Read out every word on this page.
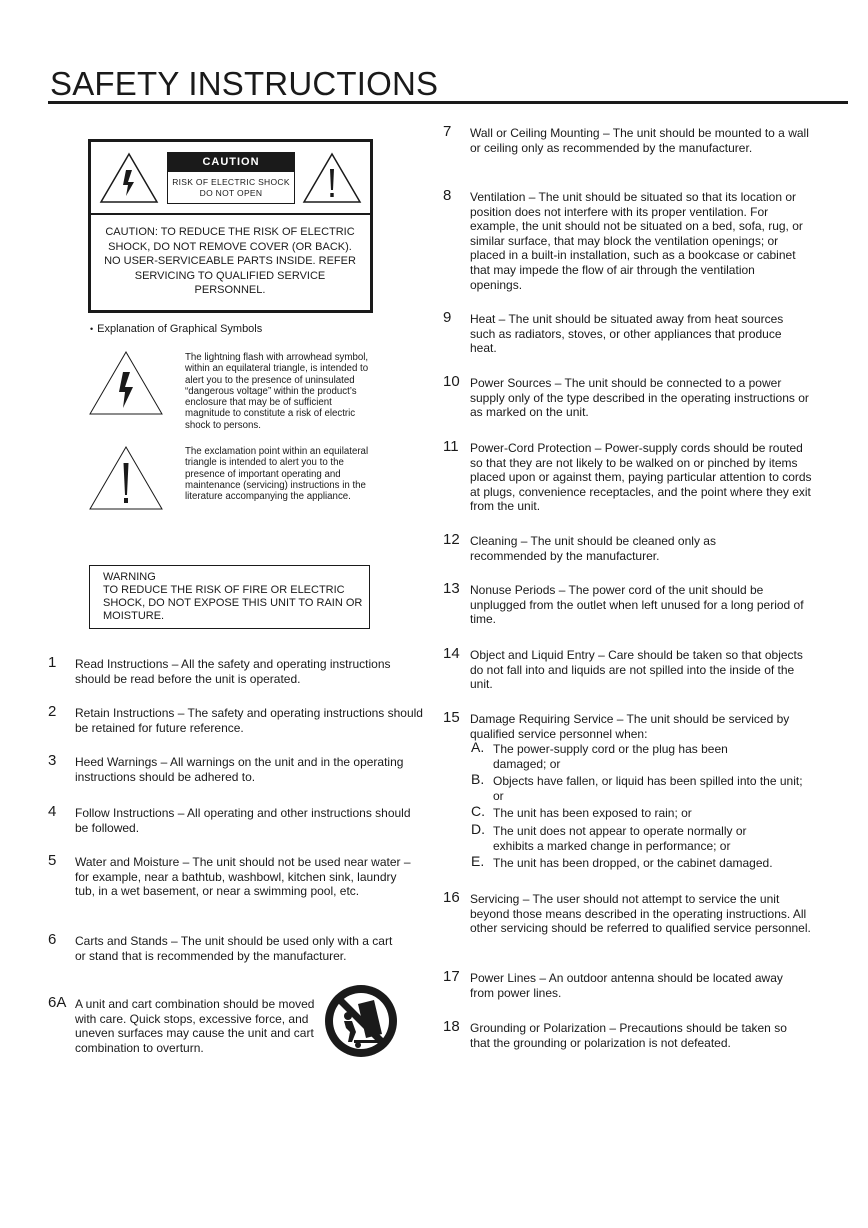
SAFETY INSTRUCTIONS
CAUTION
RISK OF ELECTRIC SHOCK
DO NOT OPEN

CAUTION: TO REDUCE THE RISK OF ELECTRIC SHOCK, DO NOT REMOVE COVER (OR BACK). NO USER-SERVICEABLE PARTS INSIDE. REFER SERVICING TO QUALIFIED SERVICE PERSONNEL.

• Explanation of Graphical Symbols

The lightning flash with arrowhead symbol, within an equilateral triangle, is intended to alert you to the presence of uninsulated “dangerous voltage” within the product’s enclosure that may be of sufficient magnitude to constitute a risk of electric shock to persons.

The exclamation point within an equilateral triangle is intended to alert you to the presence of important operating and maintenance (servicing) instructions in the literature accompanying the appliance.

WARNING

TO REDUCE THE RISK OF FIRE OR ELECTRIC SHOCK, DO NOT EXPOSE THIS UNIT TO RAIN OR MOISTURE.

1 Read Instructions – All the safety and operating instructions should be read before the unit is operated.

2 Retain Instructions – The safety and operating instructions should be retained for future reference.

3 Heed Warnings – All warnings on the unit and in the operating instructions should be adhered to.

4 Follow Instructions – All operating and other instructions should be followed.

5 Water and Moisture – The unit should not be used near water – for example, near a bathtub, washbowl, kitchen sink, laundry tub, in a wet basement, or near a swimming pool, etc.

6 Carts and Stands – The unit should be used only with a cart or stand that is recommended by the manufacturer.

6A A unit and cart combination should be moved with care. Quick stops, excessive force, and uneven surfaces may cause the unit and cart combination to overturn.

7 Wall or Ceiling Mounting – The unit should be mounted to a wall or ceiling only as recommended by the manufacturer.

8 Ventilation – The unit should be situated so that its location or position does not interfere with its proper ventilation. For example, the unit should not be situated on a bed, sofa, rug, or similar surface, that may block the ventilation openings; or placed in a built-in installation, such as a bookcase or cabinet that may impede the flow of air through the ventilation openings.

9 Heat – The unit should be situated away from heat sources such as radiators, stoves, or other appliances that produce heat.

10 Power Sources – The unit should be connected to a power supply only of the type described in the operating instructions or as marked on the unit.

11 Power-Cord Protection – Power-supply cords should be routed so that they are not likely to be walked on or pinched by items placed upon or against them, paying particular attention to cords at plugs, convenience receptacles, and the point where they exit from the unit.

12 Cleaning – The unit should be cleaned only as recommended by the manufacturer.

13 Nonuse Periods – The power cord of the unit should be unplugged from the outlet when left unused for a long period of time.

14 Object and Liquid Entry – Care should be taken so that objects do not fall into and liquids are not spilled into the inside of the unit.

15 Damage Requiring Service – The unit should be serviced by qualified service personnel when:

A. The power-supply cord or the plug has been damaged; or

B. Objects have fallen, or liquid has been spilled into the unit; or

C. The unit has been exposed to rain; or

D. The unit does not appear to operate normally or exhibits a marked change in performance; or

E. The unit has been dropped, or the cabinet damaged.

16 Servicing – The user should not attempt to service the unit beyond those means described in the operating instructions. All other servicing should be referred to qualified service personnel.

17 Power Lines – An outdoor antenna should be located away from power lines.

18 Grounding or Polarization – Precautions should be taken so that the grounding or polarization is not defeated.
